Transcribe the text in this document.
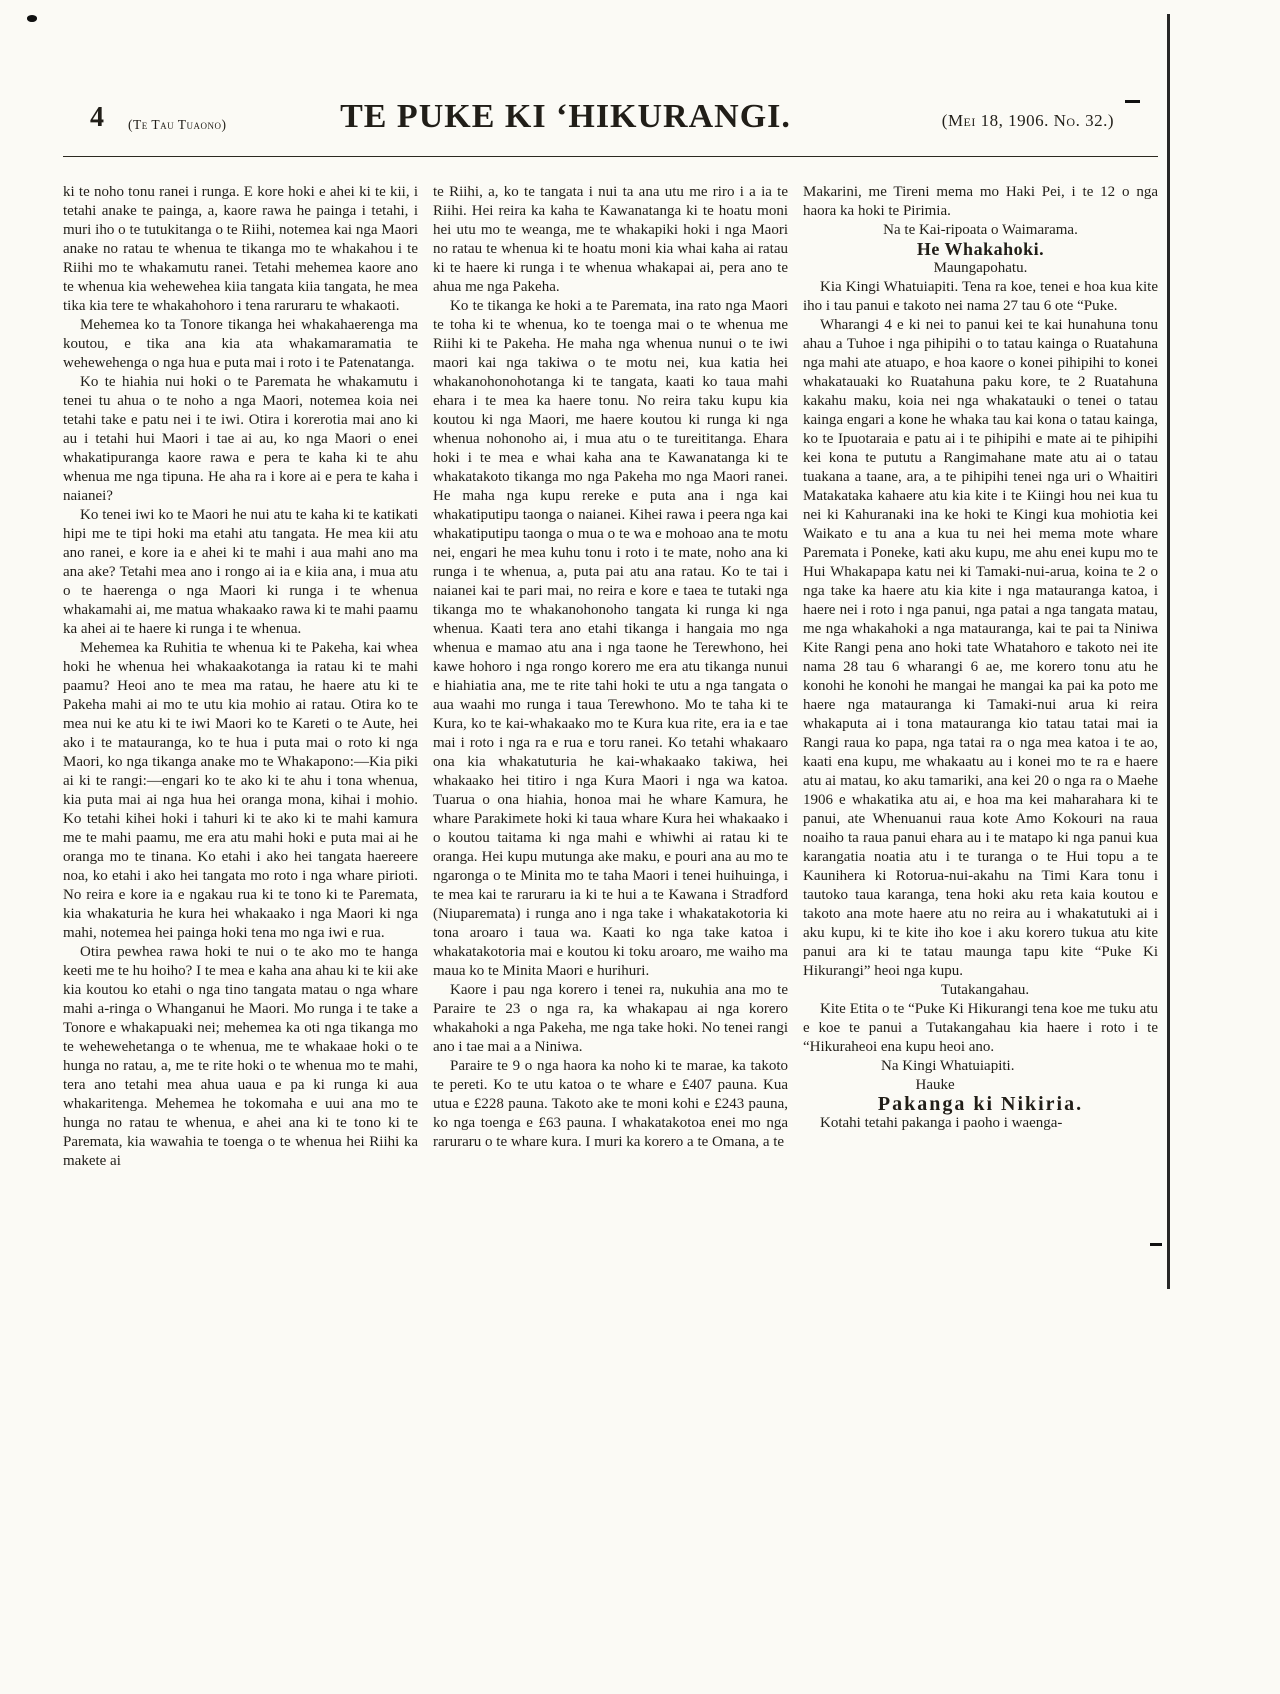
4 (Te Tau Tuaono)	TE PUKE KI ‘HIKURANGI.	(Mei 18, 1906. No. 32.)

ki te noho tonu ranei i runga. E kore hoki e ahei ki te kii, i tetahi anake te painga, a, kaore rawa he painga i tetahi, i muri iho o te tutukitanga o te Riihi, notemea kai nga Maori anake no ratau te whenua te tikanga mo te whakahou i te Riihi mo te whakamutu ranei. Tetahi mehemea kaore ano te whenua kia wehewehea kiia tangata kiia tangata, he mea tika kia tere te whakahohoro i tena raruraru te whakaoti.

Mehemea ko ta Tonore tikanga hei whakahaerenga ma koutou, e tika ana kia ata whakamaramatia te wehewehenga o nga hua e puta mai i roto i te Patenatanga.

Ko te hiahia nui hoki o te Paremata he whakamutu i tenei tu ahua o te noho a nga Maori, notemea koia nei tetahi take e patu nei i te iwi. Otira i korerotia mai ano ki au i tetahi hui Maori i tae ai au, ko nga Maori o enei whakatipuranga kaore rawa e pera te kaha ki te ahu whenua me nga tipuna. He aha ra i kore ai e pera te kaha i naianei?

Ko tenei iwi ko te Maori he nui atu te kaha ki te katikati hipi me te tipi hoki ma etahi atu tangata. He mea kii atu ano ranei, e kore ia e ahei ki te mahi i aua mahi ano ma ana ake? Tetahi mea ano i rongo ai ia e kiia ana, i mua atu o te haerenga o nga Maori ki runga i te whenua whakamahi ai, me matua whakaako rawa ki te mahi paamu ka ahei ai te haere ki runga i te whenua.

Mehemea ka Ruhitia te whenua ki te Pakeha, kai whea hoki he whenua hei whakaakotanga ia ratau ki te mahi paamu? Heoi ano te mea ma ratau, he haere atu ki te Pakeha mahi ai mo te utu kia mohio ai ratau. Otira ko te mea nui ke atu ki te iwi Maori ko te Kareti o te Aute, hei ako i te matauranga, ko te hua i puta mai o roto ki nga Maori, ko nga tikanga anake mo te Whakapono:—Kia piki ai ki te rangi:—engari ko te ako ki te ahu i tona whenua, kia puta mai ai nga hua hei oranga mona, kihai i mohio. Ko tetahi kihei hoki i tahuri ki te ako ki te mahi kamura me te mahi paamu, me era atu mahi hoki e puta mai ai he oranga mo te tinana. Ko etahi i ako hei tangata haereere noa, ko etahi i ako hei tangata mo roto i nga whare pirioti. No reira e kore ia e ngakau rua ki te tono ki te Paremata, kia whakaturia he kura hei whakaako i nga Maori ki nga mahi, notemea hei painga hoki tena mo nga iwi e rua.

Otira pewhea rawa hoki te nui o te ako mo te hanga keeti me te hu hoiho? I te mea e kaha ana ahau ki te kii ake kia koutou ko etahi o nga tino tangata matau o nga whare mahi a-ringa o Whanganui he Maori. Mo runga i te take a Tonore e whakapuaki nei; mehemea ka oti nga tikanga mo te wehewehetanga o te whenua, me te whakaae hoki o te hunga no ratau, a, me te rite hoki o te whenua mo te mahi, tera ano tetahi mea ahua uaua e pa ki runga ki aua whakaritenga. Mehemea he tokomaha e uui ana mo te hunga no ratau te whenua, e ahei ana ki te tono ki te Paremata, kia wawahia te toenga o te whenua hei Riihi ka makete ai

te Riihi, a, ko te tangata i nui ta ana utu me riro i a ia te Riihi. Hei reira ka kaha te Kawanatanga ki te hoatu moni hei utu mo te weanga, me te whakapiki hoki i nga Maori no ratau te whenua ki te hoatu moni kia whai kaha ai ratau ki te haere ki runga i te whenua whakapai ai, pera ano te ahua me nga Pakeha.

Ko te tikanga ke hoki a te Paremata, ina rato nga Maori te toha ki te whenua, ko te toenga mai o te whenua me Riihi ki te Pakeha. He maha nga whenua nunui o te iwi maori kai nga takiwa o te motu nei, kua katia hei whakanohonohotanga ki te tangata, kaati ko taua mahi ehara i te mea ka haere tonu. No reira taku kupu kia koutou ki nga Maori, me haere koutou ki runga ki nga whenua nohonoho ai, i mua atu o te tureititanga. Ehara hoki i te mea e whai kaha ana te Kawanatanga ki te whakatakoto tikanga mo nga Pakeha mo nga Maori ranei. He maha nga kupu rereke e puta ana i nga kai whakatiputipu taonga o naianei. Kihei rawa i peera nga kai whakatiputipu taonga o mua o te wa e mohoao ana te motu nei, engari he mea kuhu tonu i roto i te mate, noho ana ki runga i te whenua, a, puta pai atu ana ratau. Ko te tai i naianei kai te pari mai, no reira e kore e taea te tutaki nga tikanga mo te whakanohonoho tangata ki runga ki nga whenua. Kaati tera ano etahi tikanga i hangaia mo nga whenua e mamao atu ana i nga taone he Terewhono, hei kawe hohoro i nga rongo korero me era atu tikanga nunui e hiahiatia ana, me te rite tahi hoki te utu a nga tangata o aua waahi mo runga i taua Terewhono. Mo te taha ki te Kura, ko te kai-whakaako mo te Kura kua rite, era ia e tae mai i roto i nga ra e rua e toru ranei. Ko tetahi whakaaro ona kia whakatuturia he kai-whakaako takiwa, hei whakaako hei titiro i nga Kura Maori i nga wa katoa. Tuarua o ona hiahia, honoa mai he whare Kamura, he whare Parakimete hoki ki taua whare Kura hei whakaako i o koutou taitama ki nga mahi e whiwhi ai ratau ki te oranga. Hei kupu mutunga ake maku, e pouri ana au mo te ngaronga o te Minita mo te taha Maori i tenei huihuinga, i te mea kai te raruraru ia ki te hui a te Kawana i Stradford (Niuparemata) i runga ano i nga take i whakatakotoria ki tona aroaro i taua wa. Kaati ko nga take katoa i whakatakotoria mai e koutou ki toku aroaro, me waiho ma maua ko te Minita Maori e hurihuri.

Kaore i pau nga korero i tenei ra, nukuhia ana mo te Paraire te 23 o nga ra, ka whakapau ai nga korero whakahoki a nga Pakeha, me nga take hoki. No tenei rangi ano i tae mai a a Niniwa.

Paraire te 9 o nga haora ka noho ki te marae, ka takoto te pereti. Ko te utu katoa o te whare e £407 pauna. Kua utua e £228 pauna. Takoto ake te moni kohi e £243 pauna, ko nga toenga e £63 pauna. I whakatakotoa enei mo nga raruraru o te whare kura. I muri ka korero a te Omana, a te

Makarini, me Tireni mema mo Haki Pei, i te 12 o nga haora ka hoki te Pirimia.

Na te Kai-ripoata o Waimarama.

He Whakahoki.

Maungapohatu.

Kia Kingi Whatuiapiti. Tena ra koe, tenei e hoa kua kite iho i tau panui e takoto nei nama 27 tau 6 ote “Puke.

Wharangi 4 e ki nei to panui kei te kai hunahuna tonu ahau a Tuhoe i nga pihipihi o to tatau kainga o Ruatahuna nga mahi ate atuapo, e hoa kaore o konei pihipihi to konei whakatauaki ko Ruatahuna paku kore, te 2 Ruatahuna kakahu maku, koia nei nga whakatauki o tenei o tatau kainga engari a kone he whaka tau kai kona o tatau kainga, ko te Ipuotaraia e patu ai i te pihipihi e mate ai te pihipihi kei kona te pututu a Rangimahane mate atu ai o tatau tuakana a taane, ara, a te pihipihi tenei nga uri o Whaitiri Matakataka kahaere atu kia kite i te Kiingi hou nei kua tu nei ki Kahuranaki ina ke hoki te Kingi kua mohiotia kei Waikato e tu ana a kua tu nei hei mema mote whare Paremata i Poneke, kati aku kupu, me ahu enei kupu mo te Hui Whakapapa katu nei ki Tamaki-nui-arua, koina te 2 o nga take ka haere atu kia kite i nga matauranga katoa, i haere nei i roto i nga panui, nga patai a nga tangata matau, me nga whakahoki a nga matauranga, kai te pai ta Niniwa Kite Rangi pena ano hoki tate Whatahoro e takoto nei ite nama 28 tau 6 wharangi 6 ae, me korero tonu atu he konohi he konohi he mangai he mangai ka pai ka poto me haere nga matauranga ki Tamaki-nui arua ki reira whakaputa ai i tona matauranga kio tatau tatai mai ia Rangi raua ko papa, nga tatai ra o nga mea katoa i te ao, kaati ena kupu, me whakaatu au i konei mo te ra e haere atu ai matau, ko aku tamariki, ana kei 20 o nga ra o Maehe 1906 e whakatika atu ai, e hoa ma kei maharahara ki te panui, ate Whenuanui raua kote Amo Kokouri na raua noaiho ta raua panui ehara au i te matapo ki nga panui kua karangatia noatia atu i te turanga o te Hui topu a te Kaunihera ki Rotorua-nui-akahu na Timi Kara tonu i tautoko taua karanga, tena hoki aku reta kaia koutou e takoto ana mote haere atu no reira au i whakatutuki ai i aku kupu, ki te kite iho koe i aku korero tukua atu kite panui ara ki te tatau maunga tapu kite “Puke Ki Hikurangi” heoi nga kupu.

Tutakangahau.

Kite Etita o te “Puke Ki Hikurangi tena koe me tuku atu e koe te panui a Tutakangahau kia haere i roto i te “Hikuraheoi ena kupu heoi ano.

Na Kingi Whatuiapiti.

Hauke

Pakanga ki Nikiria.

Kotahi tetahi pakanga i paoho i waenga-
